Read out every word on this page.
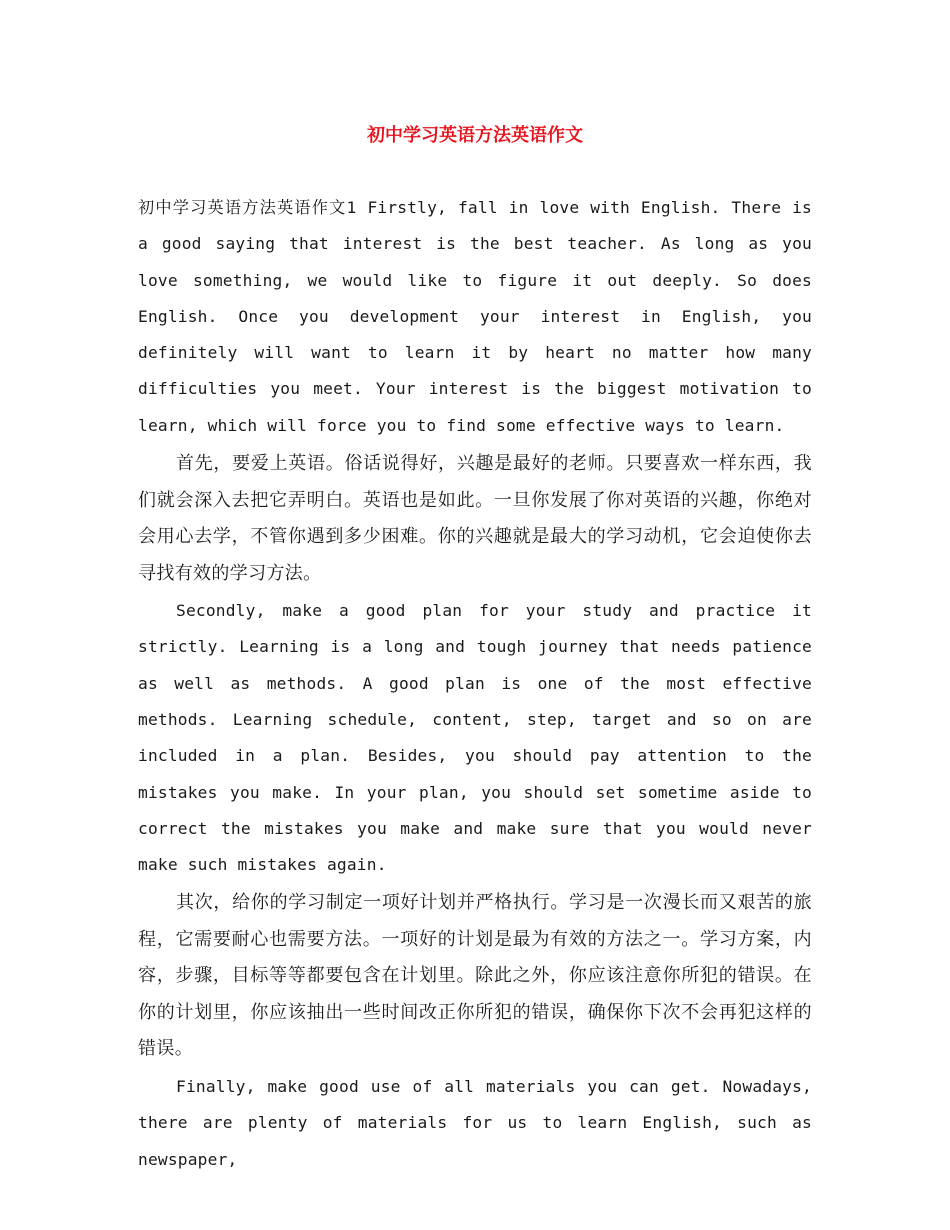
初中学习英语方法英语作文

初中学习英语方法英语作文1 Firstly, fall in love with English. There is a good saying that interest is the best teacher. As long as you love something, we would like to figure it out deeply. So does English. Once you development your interest in English, you definitely will want to learn it by heart no matter how many difficulties you meet. Your interest is the biggest motivation to learn, which will force you to find some effective ways to learn.

首先，要爱上英语。俗话说得好，兴趣是最好的老师。只要喜欢一样东西，我们就会深入去把它弄明白。英语也是如此。一旦你发展了你对英语的兴趣，你绝对会用心去学，不管你遇到多少困难。你的兴趣就是最大的学习动机，它会迫使你去寻找有效的学习方法。

Secondly, make a good plan for your study and practice it strictly. Learning is a long and tough journey that needs patience as well as methods. A good plan is one of the most effective methods. Learning schedule, content, step, target and so on are included in a plan. Besides, you should pay attention to the mistakes you make. In your plan, you should set sometime aside to correct the mistakes you make and make sure that you would never make such mistakes again.

其次，给你的学习制定一项好计划并严格执行。学习是一次漫长而又艰苦的旅程，它需要耐心也需要方法。一项好的计划是最为有效的方法之一。学习方案，内容，步骤，目标等等都要包含在计划里。除此之外，你应该注意你所犯的错误。在你的计划里，你应该抽出一些时间改正你所犯的错误，确保你下次不会再犯这样的错误。

Finally, make good use of all materials you can get. Nowadays, there are plenty of materials for us to learn English, such as newspaper,
